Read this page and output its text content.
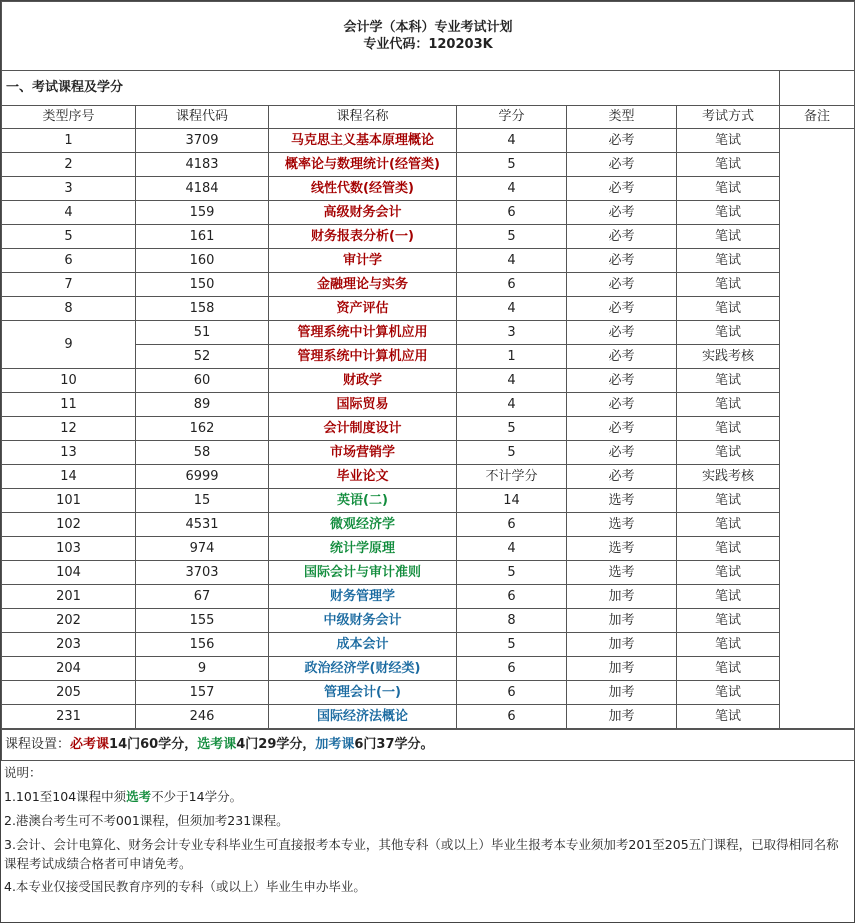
会计学（本科）专业考试计划
专业代码：120203K						

一、考试课程及学分						
类型序号	课程代码	课程名称	学分	类型	考试方式	备注
1	3709	马克思主义基本原理概论	4	必考	笔试	
2	4183	概率论与数理统计(经管类)	5	必考	笔试	
3	4184	线性代数(经管类)	4	必考	笔试	
4	159	高级财务会计	6	必考	笔试	
5	161	财务报表分析(一)	5	必考	笔试	
6	160	审计学	4	必考	笔试	
7	150	金融理论与实务	6	必考	笔试	
8	158	资产评估	4	必考	笔试	
9	51	管理系统中计算机应用	3	必考	笔试	
	52	管理系统中计算机应用	1	必考	实践考核	
10	60	财政学	4	必考	笔试	
11	89	国际贸易	4	必考	笔试	
12	162	会计制度设计	5	必考	笔试	
13	58	市场营销学	5	必考	笔试	
14	6999	毕业论文	不计学分	必考	实践考核	
101	15	英语(二)	14	选考	笔试	
102	4531	微观经济学	6	选考	笔试	
103	974	统计学原理	4	选考	笔试	
104	3703	国际会计与审计准则	5	选考	笔试	
201	67	财务管理学	6	加考	笔试	
202	155	中级财务会计	8	加考	笔试	
203	156	成本会计	5	加考	笔试	
204	9	政治经济学(财经类)	6	加考	笔试	
205	157	管理会计(一)	6	加考	笔试	
231	246	国际经济法概论	6	加考	笔试	
课程设置：必考课14门60学分，选考课4门29学分，加考课6门37学分。
说明：
1.101至104课程中须选考不少于14学分。
2.港澳台考生可不考001课程，但须加考231课程。
3.会计、会计电算化、财务会计专业专科毕业生可直接报考本专业，其他专科（或以上）毕业生报考本专业须加考201至205五门课程，已取得相同名称课程考试成绩合格者可申请免考。
4.本专业仅接受国民教育序列的专科（或以上）毕业生申办毕业。
